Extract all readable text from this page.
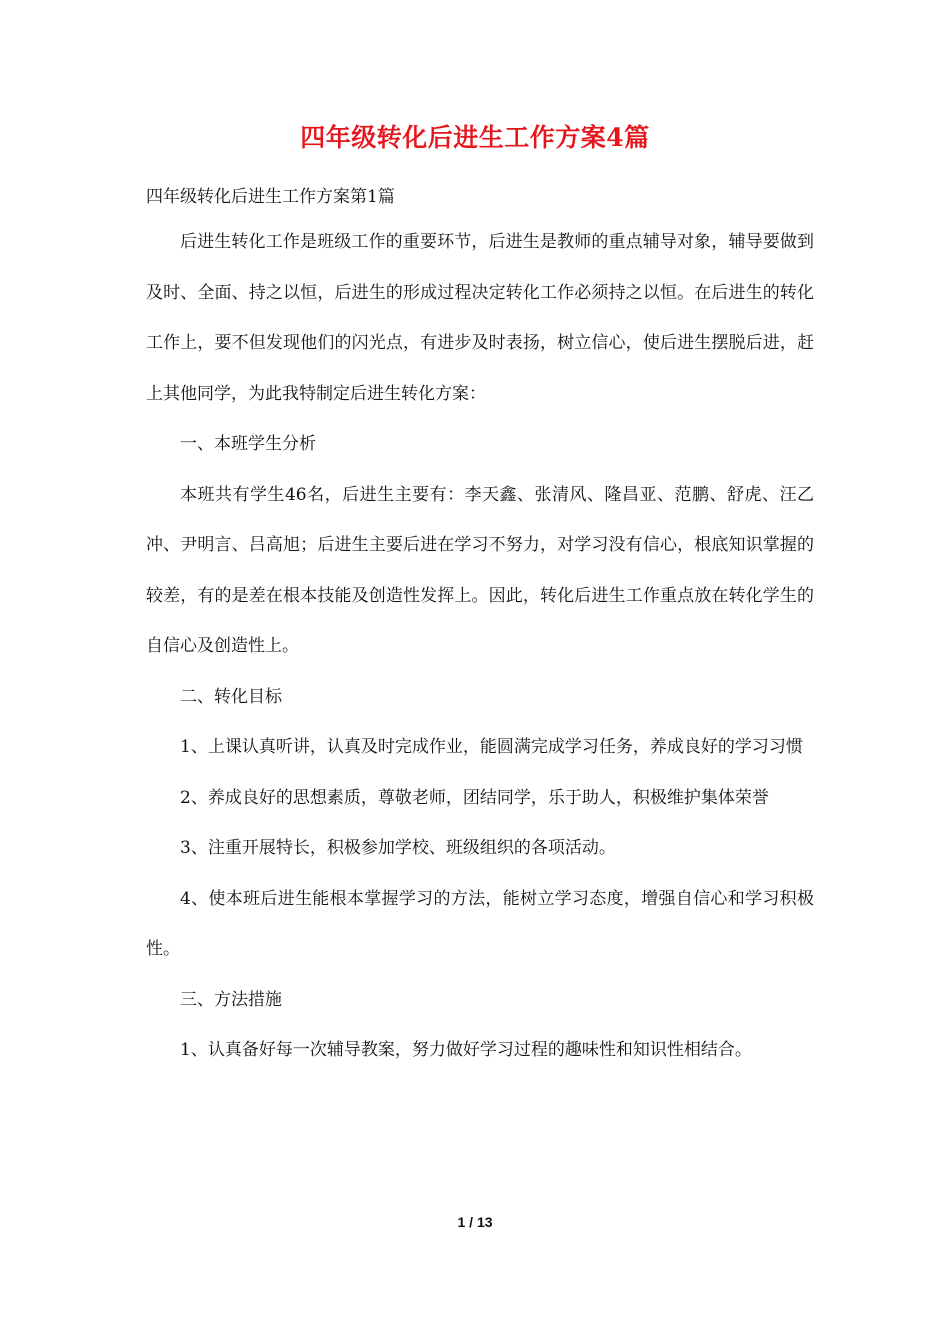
四年级转化后进生工作方案4篇

四年级转化后进生工作方案第1篇

后进生转化工作是班级工作的重要环节，后进生是教师的重点辅导对象，辅导要做到及时、全面、持之以恒，后进生的形成过程决定转化工作必须持之以恒。在后进生的转化工作上，要不但发现他们的闪光点，有进步及时表扬，树立信心，使后进生摆脱后进，赶上其他同学，为此我特制定后进生转化方案：

一、本班学生分析

本班共有学生46名，后进生主要有：李天鑫、张清风、隆昌亚、范鹏、舒虎、汪乙冲、尹明言、吕高旭；后进生主要后进在学习不努力，对学习没有信心，根底知识掌握的较差，有的是差在根本技能及创造性发挥上。因此，转化后进生工作重点放在转化学生的自信心及创造性上。

二、转化目标

1、上课认真听讲，认真及时完成作业，能圆满完成学习任务，养成良好的学习习惯

2、养成良好的思想素质，尊敬老师，团结同学，乐于助人，积极维护集体荣誉

3、注重开展特长，积极参加学校、班级组织的各项活动。

4、使本班后进生能根本掌握学习的方法，能树立学习态度，增强自信心和学习积极性。

三、方法措施

1、认真备好每一次辅导教案，努力做好学习过程的趣味性和知识性相结合。

1 / 13
